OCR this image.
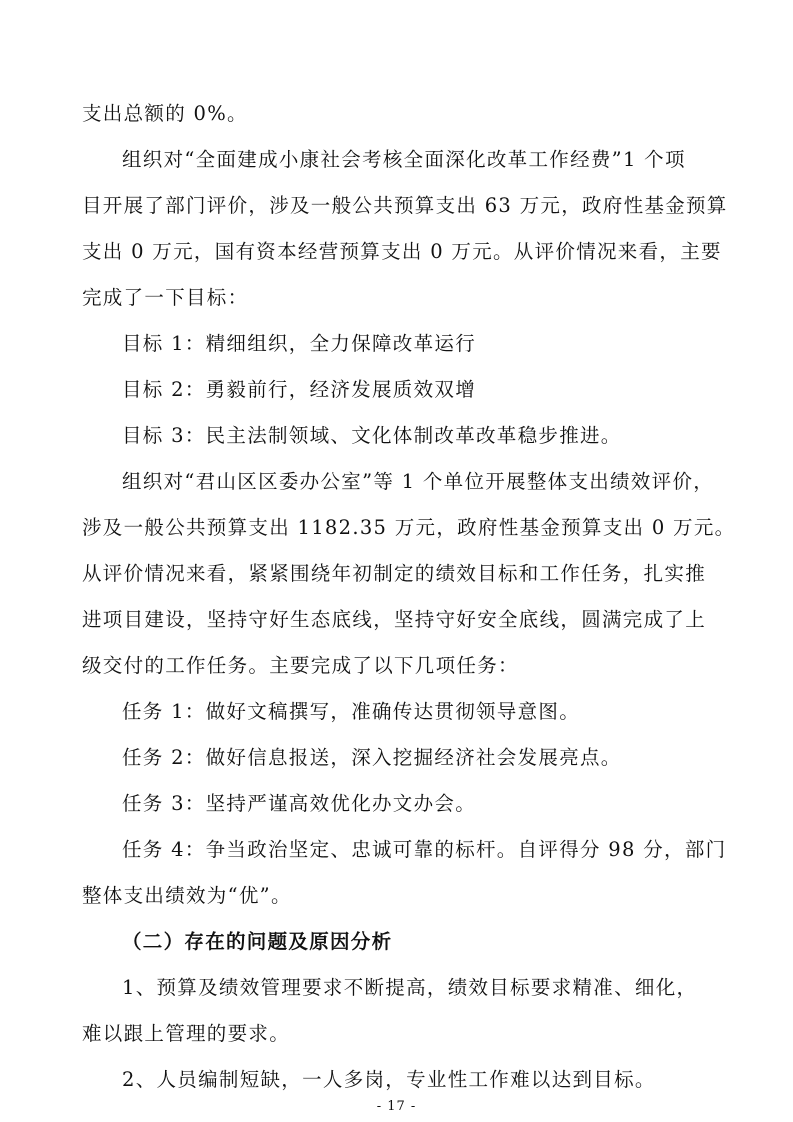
支出总额的 0%。
组织对“全面建成小康社会考核全面深化改革工作经费”1 个项
目开展了部门评价，涉及一般公共预算支出 63 万元，政府性基金预算
支出 0 万元，国有资本经营预算支出 0 万元。从评价情况来看，主要
完成了一下目标：
目标 1：精细组织，全力保障改革运行
目标 2：勇毅前行，经济发展质效双增
目标 3：民主法制领域、文化体制改革改革稳步推进。
组织对“君山区区委办公室”等 1 个单位开展整体支出绩效评价，
涉及一般公共预算支出 1182.35 万元，政府性基金预算支出 0 万元。
从评价情况来看，紧紧围绕年初制定的绩效目标和工作任务，扎实推
进项目建设，坚持守好生态底线，坚持守好安全底线，圆满完成了上
级交付的工作任务。主要完成了以下几项任务：
任务 1：做好文稿撰写，准确传达贯彻领导意图。
任务 2：做好信息报送，深入挖掘经济社会发展亮点。
任务 3：坚持严谨高效优化办文办会。
任务 4：争当政治坚定、忠诚可靠的标杆。自评得分 98 分，部门
整体支出绩效为“优”。
（二）存在的问题及原因分析
1、预算及绩效管理要求不断提高，绩效目标要求精准、细化，
难以跟上管理的要求。
2、人员编制短缺，一人多岗，专业性工作难以达到目标。
- 17 -
